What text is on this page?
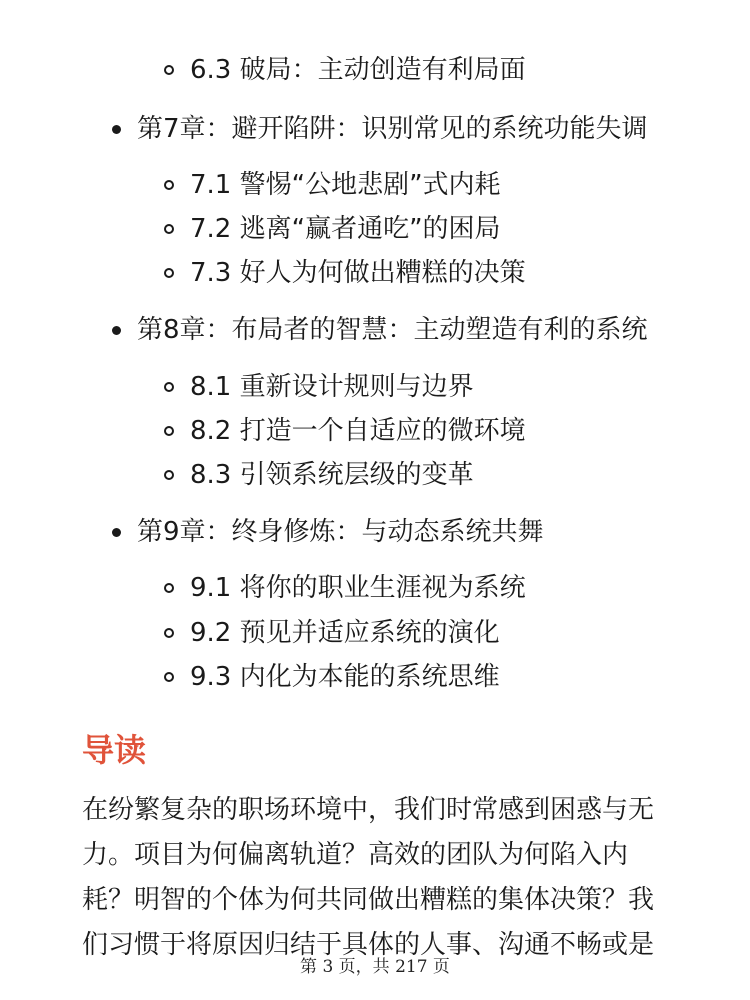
6.3 破局：主动创造有利局面
第7章：避开陷阱：识别常见的系统功能失调
7.1 警惕“公地悲剧”式内耗
7.2 逃离“赢者通吃”的困局
7.3 好人为何做出糟糕的决策
第8章：布局者的智慧：主动塑造有利的系统
8.1 重新设计规则与边界
8.2 打造一个自适应的微环境
8.3 引领系统层级的变革
第9章：终身修炼：与动态系统共舞
9.1 将你的职业生涯视为系统
9.2 预见并适应系统的演化
9.3 内化为本能的系统思维
导读
在纷繁复杂的职场环境中，我们时常感到困惑与无
力。项目为何偏离轨道？高效的团队为何陷入内
耗？明智的个体为何共同做出糟糕的集体决策？我
们习惯于将原因归结于具体的人事、沟通不畅或是
第 3 页，共 217 页
